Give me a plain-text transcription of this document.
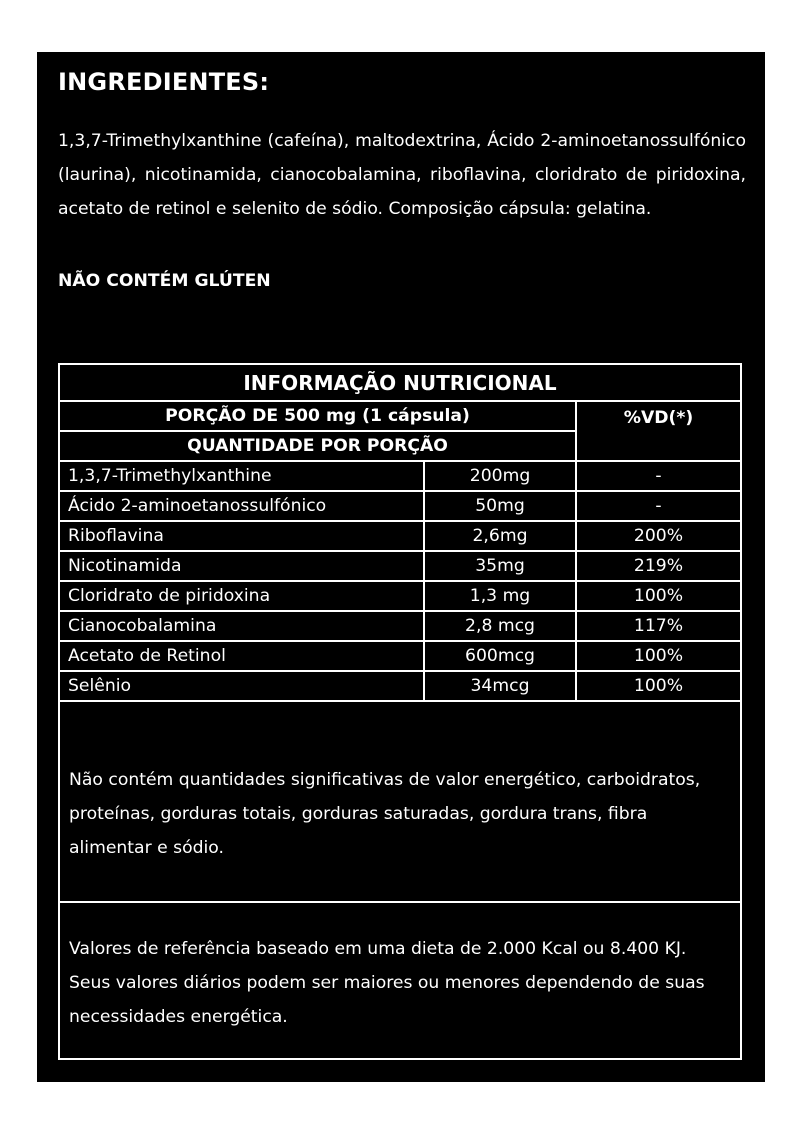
INGREDIENTES:
1,3,7-Trimethylxanthine (cafeína), maltodextrina, Ácido 2-aminoetanossulfónico (laurina), nicotinamida, cianocobalamina, riboflavina, cloridrato de piridoxina, acetato de retinol e selenito de sódio. Composição cápsula: gelatina.
NÃO CONTÉM GLÚTEN
INFORMAÇÃO NUTRICIONAL		
PORÇÃO DE 500 mg (1 cápsula)		%VD(*)
QUANTIDADE POR PORÇÃO		
1,3,7-Trimethylxanthine	200mg	-
Ácido 2-aminoetanossulfónico	50mg	-
Riboflavina	2,6mg	200%
Nicotinamida	35mg	219%
Cloridrato de piridoxina	1,3 mg	100%
Cianocobalamina	2,8 mcg	117%
Acetato de Retinol	600mcg	100%
Selênio	34mcg	100%
Não contém quantidades significativas de valor energético, carboidratos, proteínas, gorduras totais, gorduras saturadas, gordura trans, fibra alimentar e sódio.
Valores de referência baseado em uma dieta de 2.000 Kcal ou 8.400 KJ. Seus valores diários podem ser maiores ou menores dependendo de suas necessidades energética.
